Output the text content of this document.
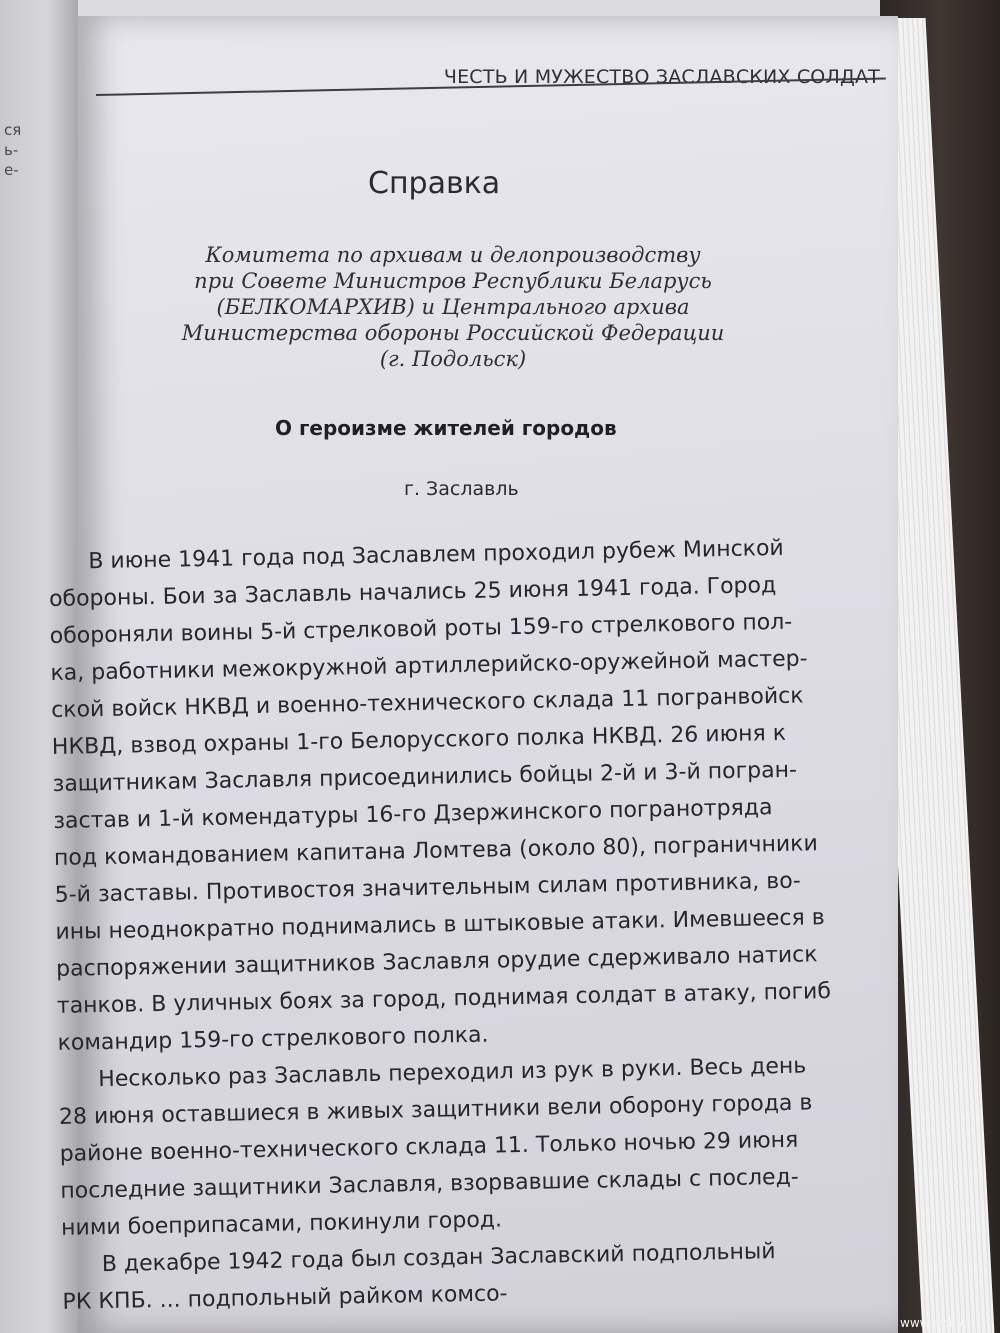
ся
ь-
е-
ЧЕСТЬ И МУЖЕСТВО ЗАСЛАВСКИХ СОЛДАТ
Справка
Комитета по архивам и делопроизводству
при Совете Министров Республики Беларусь
(БЕЛКОМАРХИВ) и Центрального архива
Министерства обороны Российской Федерации
(г. Подольск)
О героизме жителей городов
г. Заславль
В июне 1941 года под Заславлем проходил рубеж Минской
обороны. Бои за Заславль начались 25 июня 1941 года. Город
обороняли воины 5-й стрелковой роты 159-го стрелкового пол-
ка, работники межокружной артиллерийско-оружейной мастер-
ской войск НКВД и военно-технического склада 11 погранвойск
НКВД, взвод охраны 1-го Белорусского полка НКВД. 26 июня к
защитникам Заславля присоединились бойцы 2-й и 3-й погран-
застав и 1-й комендатуры 16-го Дзержинского погранотряда
под командованием капитана Ломтева (около 80), пограничники
5-й заставы. Противостоя значительным силам противника, во-
ины неоднократно поднимались в штыковые атаки. Имевшееся в
распоряжении защитников Заславля орудие сдерживало натиск
танков. В уличных боях за город, поднимая солдат в атаку, погиб
командир 159-го стрелкового полка.
Несколько раз Заславль переходил из рук в руки. Весь день
28 июня оставшиеся в живых защитники вели оборону города в
районе военно-технического склада 11. Только ночью 29 июня
последние защитники Заславля, взорвавшие склады с послед-
ними боеприпасами, покинули город.
В декабре 1942 года был создан Заславский подпольный
РК КПБ. ... подпольный райком комсо-
www.ay.by
